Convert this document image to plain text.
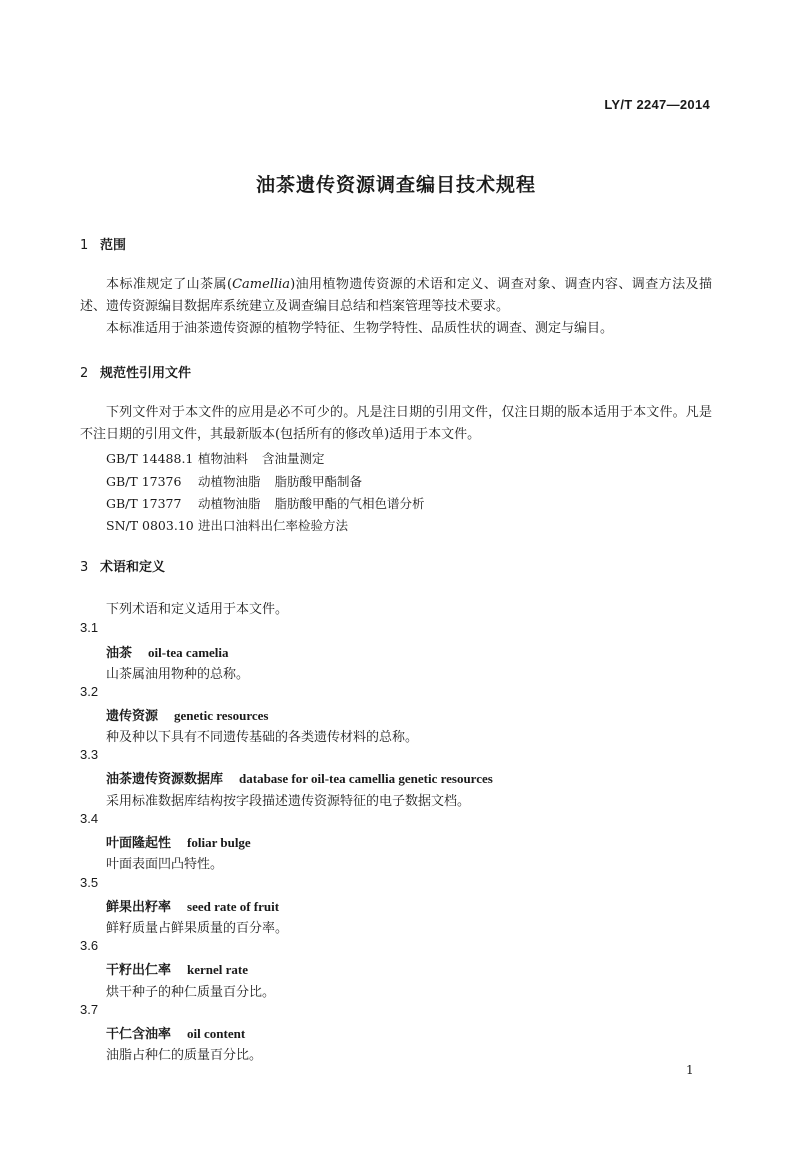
LY/T 2247—2014
油茶遗传资源调查编目技术规程
1 范围
本标准规定了山茶属(Camellia)油用植物遗传资源的术语和定义、调查对象、调查内容、调查方法及描述、遗传资源编目数据库系统建立及调查编目总结和档案管理等技术要求。
本标准适用于油茶遗传资源的植物学特征、生物学特性、品质性状的调查、测定与编目。
2 规范性引用文件
下列文件对于本文件的应用是必不可少的。凡是注日期的引用文件，仅注日期的版本适用于本文件。凡是不注日期的引用文件，其最新版本(包括所有的修改单)适用于本文件。
GB/T 14488.1 植物油料 含油量测定
GB/T 17376 动植物油脂 脂肪酸甲酯制备
GB/T 17377 动植物油脂 脂肪酸甲酯的气相色谱分析
SN/T 0803.10 进出口油料出仁率检验方法
3 术语和定义
下列术语和定义适用于本文件。
3.1
油茶 oil-tea camelia
山茶属油用物种的总称。
3.2
遗传资源 genetic resources
种及种以下具有不同遗传基础的各类遗传材料的总称。
3.3
油茶遗传资源数据库 database for oil-tea camellia genetic resources
采用标准数据库结构按字段描述遗传资源特征的电子数据文档。
3.4
叶面隆起性 foliar bulge
叶面表面凹凸特性。
3.5
鲜果出籽率 seed rate of fruit
鲜籽质量占鲜果质量的百分率。
3.6
干籽出仁率 kernel rate
烘干种子的种仁质量百分比。
3.7
干仁含油率 oil content
油脂占种仁的质量百分比。
1
